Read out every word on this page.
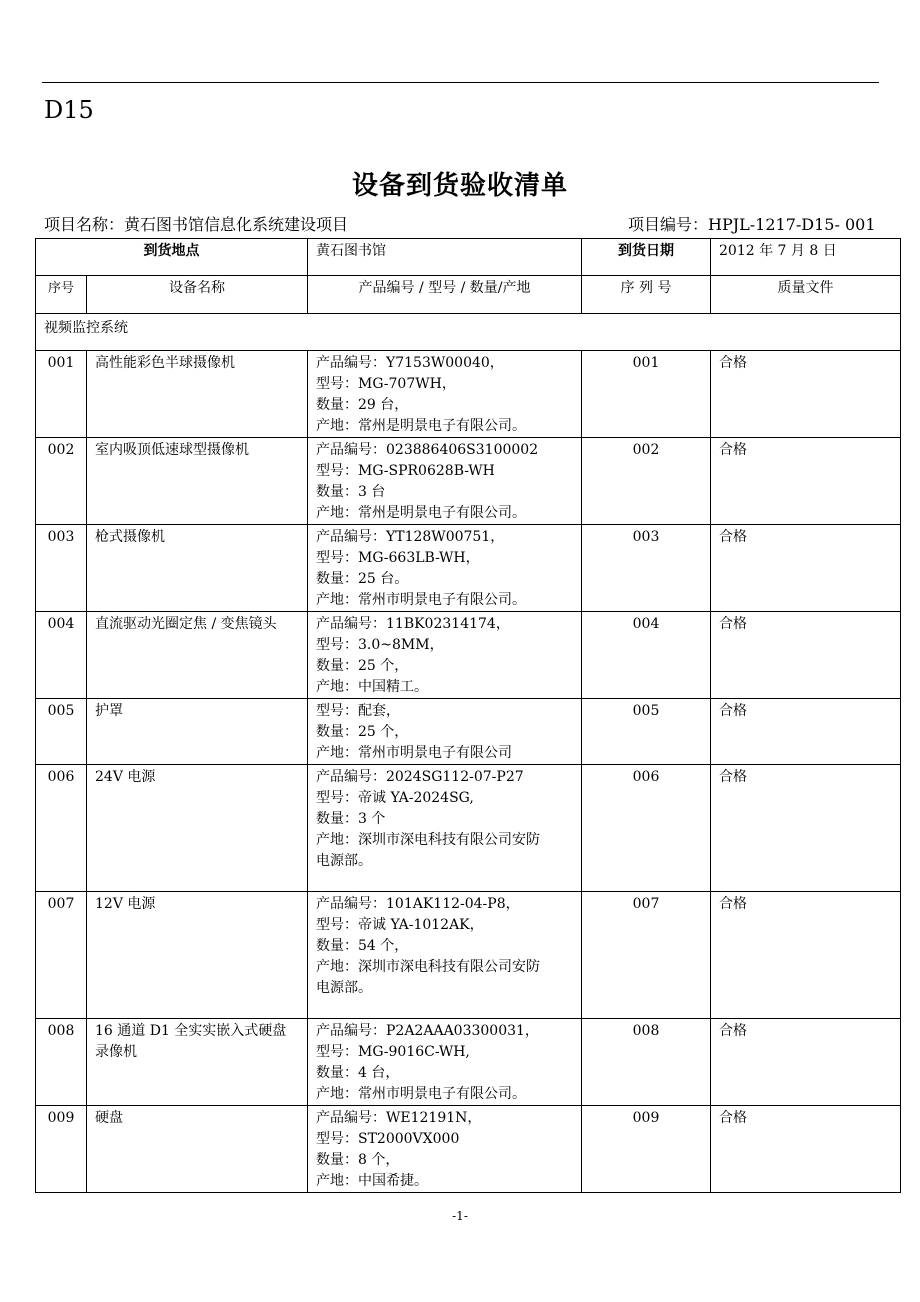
D15
设备到货验收清单
项目名称：黄石图书馆信息化系统建设项目	项目编号：HPJL-1217-D15- 001
到货地点		黄石图书馆	到货日期	2012 年 7 月 8 日
序号	设备名称	产品编号 / 型号 / 数量/产地	序 列 号	质量文件
视频监控系统				
001	高性能彩色半球摄像机	产品编号：Y7153W00040，
型号：MG-707WH，
数量：29 台，
产地：常州是明景电子有限公司。	001	合格
002	室内吸顶低速球型摄像机	产品编号：023886406S3100002
型号：MG-SPR0628B-WH
数量：3 台
产地：常州是明景电子有限公司。	002	合格
003	枪式摄像机	产品编号：YT128W00751，
型号：MG-663LB-WH，
数量：25 台。
产地：常州市明景电子有限公司。	003	合格
004	直流驱动光圈定焦 / 变焦镜头	产品编号：11BK02314174，
型号：3.0~8MM，
数量：25 个，
产地：中国精工。	004	合格
005	护罩	型号：配套，
数量：25 个，
产地：常州市明景电子有限公司	005	合格
006	24V 电源	产品编号：2024SG112-07-P27
型号：帝诚 YA-2024SG,
数量：3 个
产地：深圳市深电科技有限公司安防
电源部。	006	合格
007	12V 电源	产品编号：101AK112-04-P8，
型号：帝诚 YA-1012AK，
数量：54 个，
产地：深圳市深电科技有限公司安防
电源部。	007	合格
008	16 通道 D1 全实实嵌入式硬盘录像机	产品编号：P2A2AAA03300031，
型号：MG-9016C-WH,
数量：4 台，
产地：常州市明景电子有限公司。	008	合格
009	硬盘	产品编号：WE12191N，
型号：ST2000VX000
数量：8 个，
产地：中国希捷。	009	合格
-1-
